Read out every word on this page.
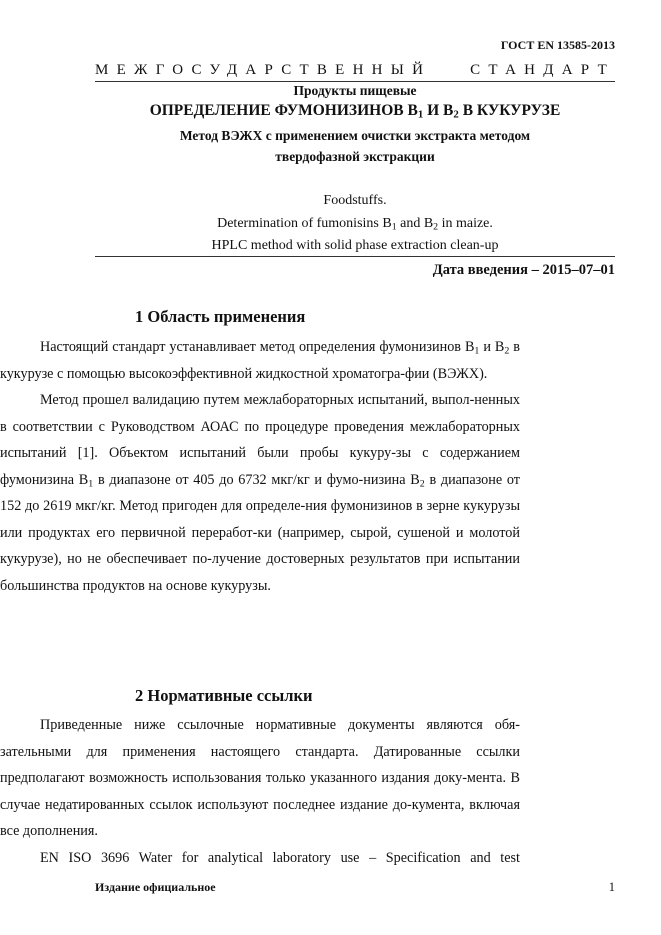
ГОСТ EN 13585-2013
МЕЖГОСУДАРСТВЕННЫЙ СТАНДАРТ
Продукты пищевые
ОПРЕДЕЛЕНИЕ ФУМОНИЗИНОВ $В_1$ И $В_2$ В КУКУРУЗЕ
Метод ВЭЖХ с применением очистки экстракта методом
твердофазной экстракции
Foodstuffs.
Determination of fumonisins $B_1$ and $B_2$ in maize.
HPLC method with solid phase extraction clean-up
Дата введения – 2015–07–01
1 Область применения

Настоящий стандарт устанавливает метод определения фумонизинов $В_1$ и $В_2$ в кукурузе с помощью высокоэффективной жидкостной хроматогра-фии (ВЭЖХ).

Метод прошел валидацию путем межлабораторных испытаний, выпол-ненных в соответствии с Руководством АОАС по процедуре проведения межлабораторных испытаний [1]. Объектом испытаний были пробы кукуру-зы с содержанием фумонизина $В_1$ в диапазоне от 405 до 6732 мкг/кг и фумо-низина $В_2$ в диапазоне от 152 до 2619 мкг/кг. Метод пригоден для определе-ния фумонизинов в зерне кукурузы или продуктах его первичной переработ-ки (например, сырой, сушеной и молотой кукурузе), но не обеспечивает по-лучение достоверных результатов при испытании большинства продуктов на основе кукурузы.

2 Нормативные ссылки

Приведенные ниже ссылочные нормативные документы являются обя-зательными для применения настоящего стандарта. Датированные ссылки предполагают возможность использования только указанного издания доку-мента. В случае недатированных ссылок используют последнее издание до-кумента, включая все дополнения.

EN ISO 3696 Water for analytical laboratory use – Specification and test

Издание официальное	1
